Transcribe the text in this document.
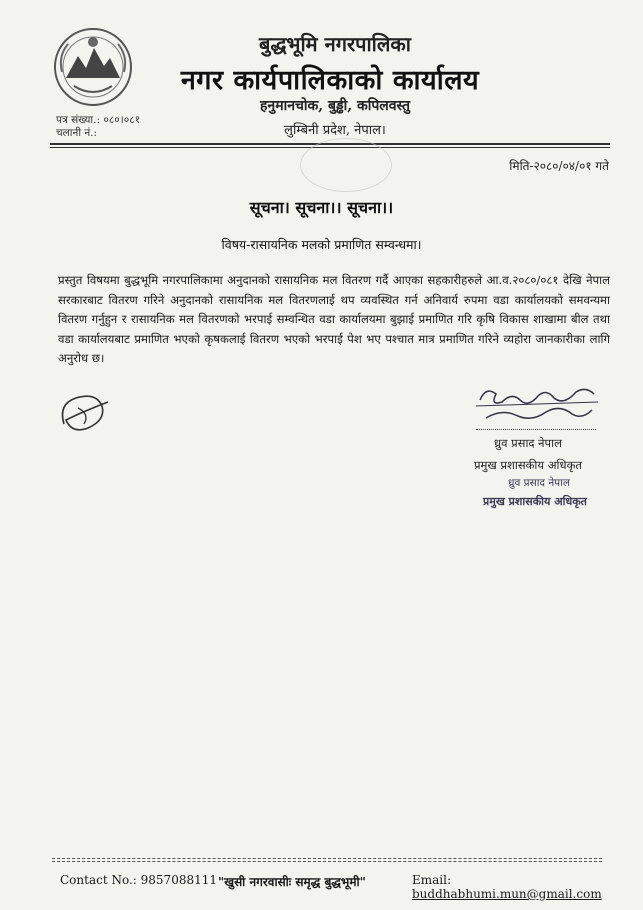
बुद्धभूमि नगरपालिका
नगर कार्यपालिकाको कार्यालय
हनुमानचोक, बुड्ढी, कपिलवस्तु
लुम्बिनी प्रदेश, नेपाल।
पत्र संख्या.: ०८०।०८१
चलानी नं.:
मिति-२०८०/०४/०१ गते
सूचना। सूचना।। सूचना।।
विषय-रासायनिक मलको प्रमाणित सम्वन्धमा।
प्रस्तुत विषयमा बुद्धभूमि नगरपालिकामा अनुदानको रासायनिक मल वितरण गर्दै आएका सहकारीहरुले आ.व.२०८०/०८१ देखि नेपाल सरकारबाट वितरण गरिने अनुदानको रासायनिक मल वितरणलाई थप व्यवस्थित गर्न अनिवार्य रुपमा वडा कार्यालयको समवन्यमा वितरण गर्नुहुन र रासायनिक मल वितरणको भरपाई सम्वन्धित वडा कार्यालयमा बुझाई प्रमाणित गरि कृषि विकास शाखामा बील तथा वडा कार्यालयबाट प्रमाणित भएको कृषकलाई वितरण भएको भरपाई पेश भए पश्चात मात्र प्रमाणित गरिने व्यहोरा जानकारीका लागि अनुरोध छ।
ध्रुव प्रसाद नेपाल
प्रमुख प्रशासकीय अधिकृत
ध्रुव प्रसाद नेपाल
प्रमुख प्रशासकीय अधिकृत
Contact No.: 9857088111 "खुसी नगरवासीः समृद्ध बुद्धभूमी"	Email: buddhabhumi.mun@gmail.com
